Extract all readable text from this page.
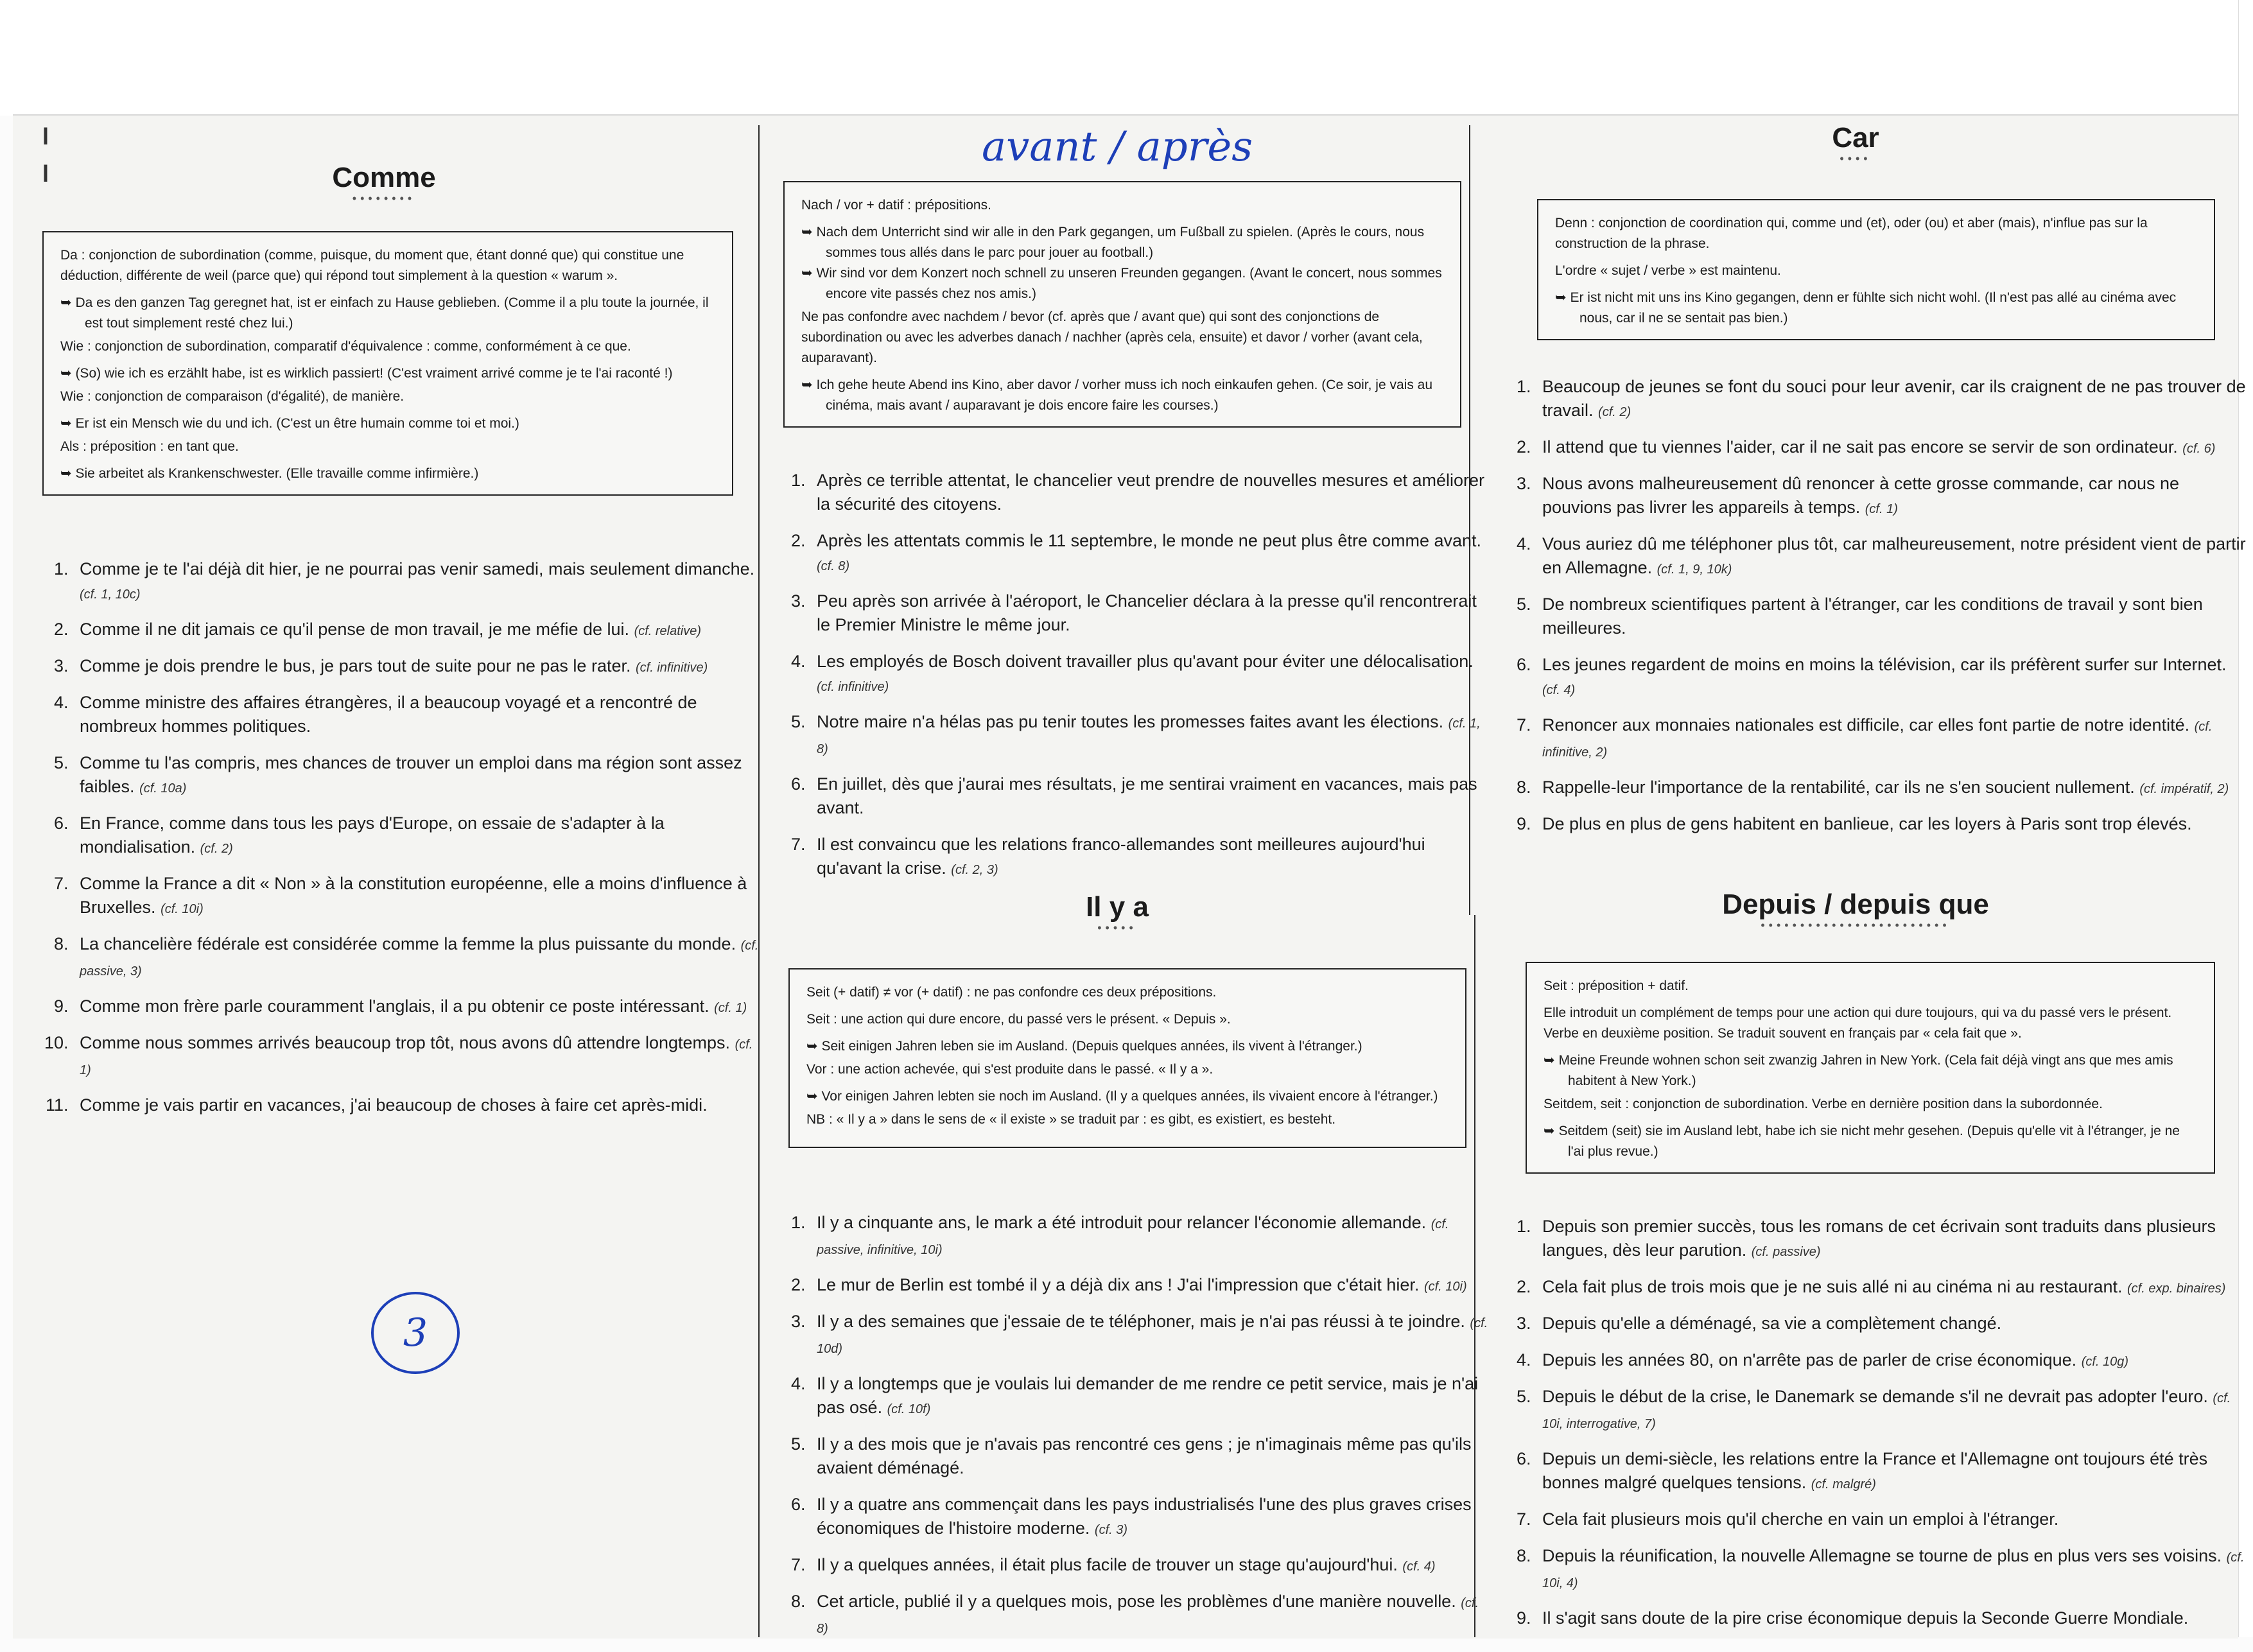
l
l	Comme
••••••••

Da : conjonction de subordination (comme, puisque, du moment que, étant donné que) qui constitue une déduction, différente de weil (parce que) qui répond tout simplement à la question « warum ».

➥ Da es den ganzen Tag geregnet hat, ist er einfach zu Hause geblieben. (Comme il a plu toute la journée, il est tout simplement resté chez lui.)

Wie : conjonction de subordination, comparatif d'équivalence : comme, conformément à ce que.

➥ (So) wie ich es erzählt habe, ist es wirklich passiert! (C'est vraiment arrivé comme je te l'ai raconté !)

Wie : conjonction de comparaison (d'égalité), de manière.

➥ Er ist ein Mensch wie du und ich. (C'est un être humain comme toi et moi.)

Als : préposition : en tant que.

➥ Sie arbeitet als Krankenschwester. (Elle travaille comme infirmière.)
1. Comme je te l'ai déjà dit hier, je ne pourrai pas venir samedi, mais seulement dimanche. (cf. 1, 10c)
2. Comme il ne dit jamais ce qu'il pense de mon travail, je me méfie de lui. (cf. relative)
3. Comme je dois prendre le bus, je pars tout de suite pour ne pas le rater. (cf. infinitive)
4. Comme ministre des affaires étrangères, il a beaucoup voyagé et a rencontré de nombreux hommes politiques.
5. Comme tu l'as compris, mes chances de trouver un emploi dans ma région sont assez faibles. (cf. 10a)
6. En France, comme dans tous les pays d'Europe, on essaie de s'adapter à la mondialisation. (cf. 2)
7. Comme la France a dit « Non » à la constitution européenne, elle a moins d'influence à Bruxelles. (cf. 10i)
8. La chancelière fédérale est considérée comme la femme la plus puissante du monde. (cf. passive, 3)
9. Comme mon frère parle couramment l'anglais, il a pu obtenir ce poste intéressant. (cf. 1)
10. Comme nous sommes arrivés beaucoup trop tôt, nous avons dû attendre longtemps. (cf. 1)
11. Comme je vais partir en vacances, j'ai beaucoup de choses à faire cet après-midi.
3
avant / après

Nach / vor + datif : prépositions.

➥ Nach dem Unterricht sind wir alle in den Park gegangen, um Fußball zu spielen. (Après le cours, nous sommes tous allés dans le parc pour jouer au football.)
➥ Wir sind vor dem Konzert noch schnell zu unseren Freunden gegangen. (Avant le concert, nous sommes encore vite passés chez nos amis.)

Ne pas confondre avec nachdem / bevor (cf. après que / avant que) qui sont des conjonctions de subordination ou avec les adverbes danach / nachher (après cela, ensuite) et davor / vorher (avant cela, auparavant).

➥ Ich gehe heute Abend ins Kino, aber davor / vorher muss ich noch einkaufen gehen. (Ce soir, je vais au cinéma, mais avant / auparavant je dois encore faire les courses.)
1. Après ce terrible attentat, le chancelier veut prendre de nouvelles mesures et améliorer la sécurité des citoyens.
2. Après les attentats commis le 11 septembre, le monde ne peut plus être comme avant. (cf. 8)
3. Peu après son arrivée à l'aéroport, le Chancelier déclara à la presse qu'il rencontrerait le Premier Ministre le même jour.
4. Les employés de Bosch doivent travailler plus qu'avant pour éviter une délocalisation. (cf. infinitive)
5. Notre maire n'a hélas pas pu tenir toutes les promesses faites avant les élections. (cf. 1, 8)
6. En juillet, dès que j'aurai mes résultats, je me sentirai vraiment en vacances, mais pas avant.
7. Il est convaincu que les relations franco-allemandes sont meilleures aujourd'hui qu'avant la crise. (cf. 2, 3)
Il y a
•••••

Seit (+ datif) ≠ vor (+ datif) : ne pas confondre ces deux prépositions.

Seit : une action qui dure encore, du passé vers le présent. « Depuis ».

➥ Seit einigen Jahren leben sie im Ausland. (Depuis quelques années, ils vivent à l'étranger.)

Vor : une action achevée, qui s'est produite dans le passé. « Il y a ».

➥ Vor einigen Jahren lebten sie noch im Ausland. (Il y a quelques années, ils vivaient encore à l'étranger.)

NB : « Il y a » dans le sens de « il existe » se traduit par : es gibt, es existiert, es besteht.

1. Il y a cinquante ans, le mark a été introduit pour relancer l'économie allemande. (cf. passive, infinitive, 10i)
2. Le mur de Berlin est tombé il y a déjà dix ans ! J'ai l'impression que c'était hier. (cf. 10i)
3. Il y a des semaines que j'essaie de te téléphoner, mais je n'ai pas réussi à te joindre. (cf. 10d)
4. Il y a longtemps que je voulais lui demander de me rendre ce petit service, mais je n'ai pas osé. (cf. 10f)
5. Il y a des mois que je n'avais pas rencontré ces gens ; je n'imaginais même pas qu'ils avaient déménagé.
6. Il y a quatre ans commençait dans les pays industrialisés l'une des plus graves crises économiques de l'histoire moderne. (cf. 3)
7. Il y a quelques années, il était plus facile de trouver un stage qu'aujourd'hui. (cf. 4)
8. Cet article, publié il y a quelques mois, pose les problèmes d'une manière nouvelle. (cf. 8)
Car
••••

Denn : conjonction de coordination qui, comme und (et), oder (ou) et aber (mais), n'influe pas sur la construction de la phrase.

L'ordre « sujet / verbe » est maintenu.

➥ Er ist nicht mit uns ins Kino gegangen, denn er fühlte sich nicht wohl. (Il n'est pas allé au cinéma avec nous, car il ne se sentait pas bien.)
1. Beaucoup de jeunes se font du souci pour leur avenir, car ils craignent de ne pas trouver de travail. (cf. 2)
2. Il attend que tu viennes l'aider, car il ne sait pas encore se servir de son ordinateur. (cf. 6)
3. Nous avons malheureusement dû renoncer à cette grosse commande, car nous ne pouvions pas livrer les appareils à temps. (cf. 1)
4. Vous auriez dû me téléphoner plus tôt, car malheureusement, notre président vient de partir en Allemagne. (cf. 1, 9, 10k)
5. De nombreux scientifiques partent à l'étranger, car les conditions de travail y sont bien meilleures.
6. Les jeunes regardent de moins en moins la télévision, car ils préfèrent surfer sur Internet. (cf. 4)
7. Renoncer aux monnaies nationales est difficile, car elles font partie de notre identité. (cf. infinitive, 2)
8. Rappelle-leur l'importance de la rentabilité, car ils ne s'en soucient nullement. (cf. impératif, 2)
9. De plus en plus de gens habitent en banlieue, car les loyers à Paris sont trop élevés.
Depuis / depuis que
••••••••••••••••••••••••

Seit : préposition + datif.

Elle introduit un complément de temps pour une action qui dure toujours, qui va du passé vers le présent. Verbe en deuxième position. Se traduit souvent en français par « cela fait que ».

➥ Meine Freunde wohnen schon seit zwanzig Jahren in New York. (Cela fait déjà vingt ans que mes amis habitent à New York.)

Seitdem, seit : conjonction de subordination. Verbe en dernière position dans la subordonnée.

➥ Seitdem (seit) sie im Ausland lebt, habe ich sie nicht mehr gesehen. (Depuis qu'elle vit à l'étranger, je ne l'ai plus revue.)
1. Depuis son premier succès, tous les romans de cet écrivain sont traduits dans plusieurs langues, dès leur parution. (cf. passive)
2. Cela fait plus de trois mois que je ne suis allé ni au cinéma ni au restaurant. (cf. exp. binaires)
3. Depuis qu'elle a déménagé, sa vie a complètement changé.
4. Depuis les années 80, on n'arrête pas de parler de crise économique. (cf. 10g)
5. Depuis le début de la crise, le Danemark se demande s'il ne devrait pas adopter l'euro. (cf. 10i, interrogative, 7)
6. Depuis un demi-siècle, les relations entre la France et l'Allemagne ont toujours été très bonnes malgré quelques tensions. (cf. malgré)
7. Cela fait plusieurs mois qu'il cherche en vain un emploi à l'étranger.
8. Depuis la réunification, la nouvelle Allemagne se tourne de plus en plus vers ses voisins. (cf. 10i, 4)
9. Il s'agit sans doute de la pire crise économique depuis la Seconde Guerre Mondiale.
